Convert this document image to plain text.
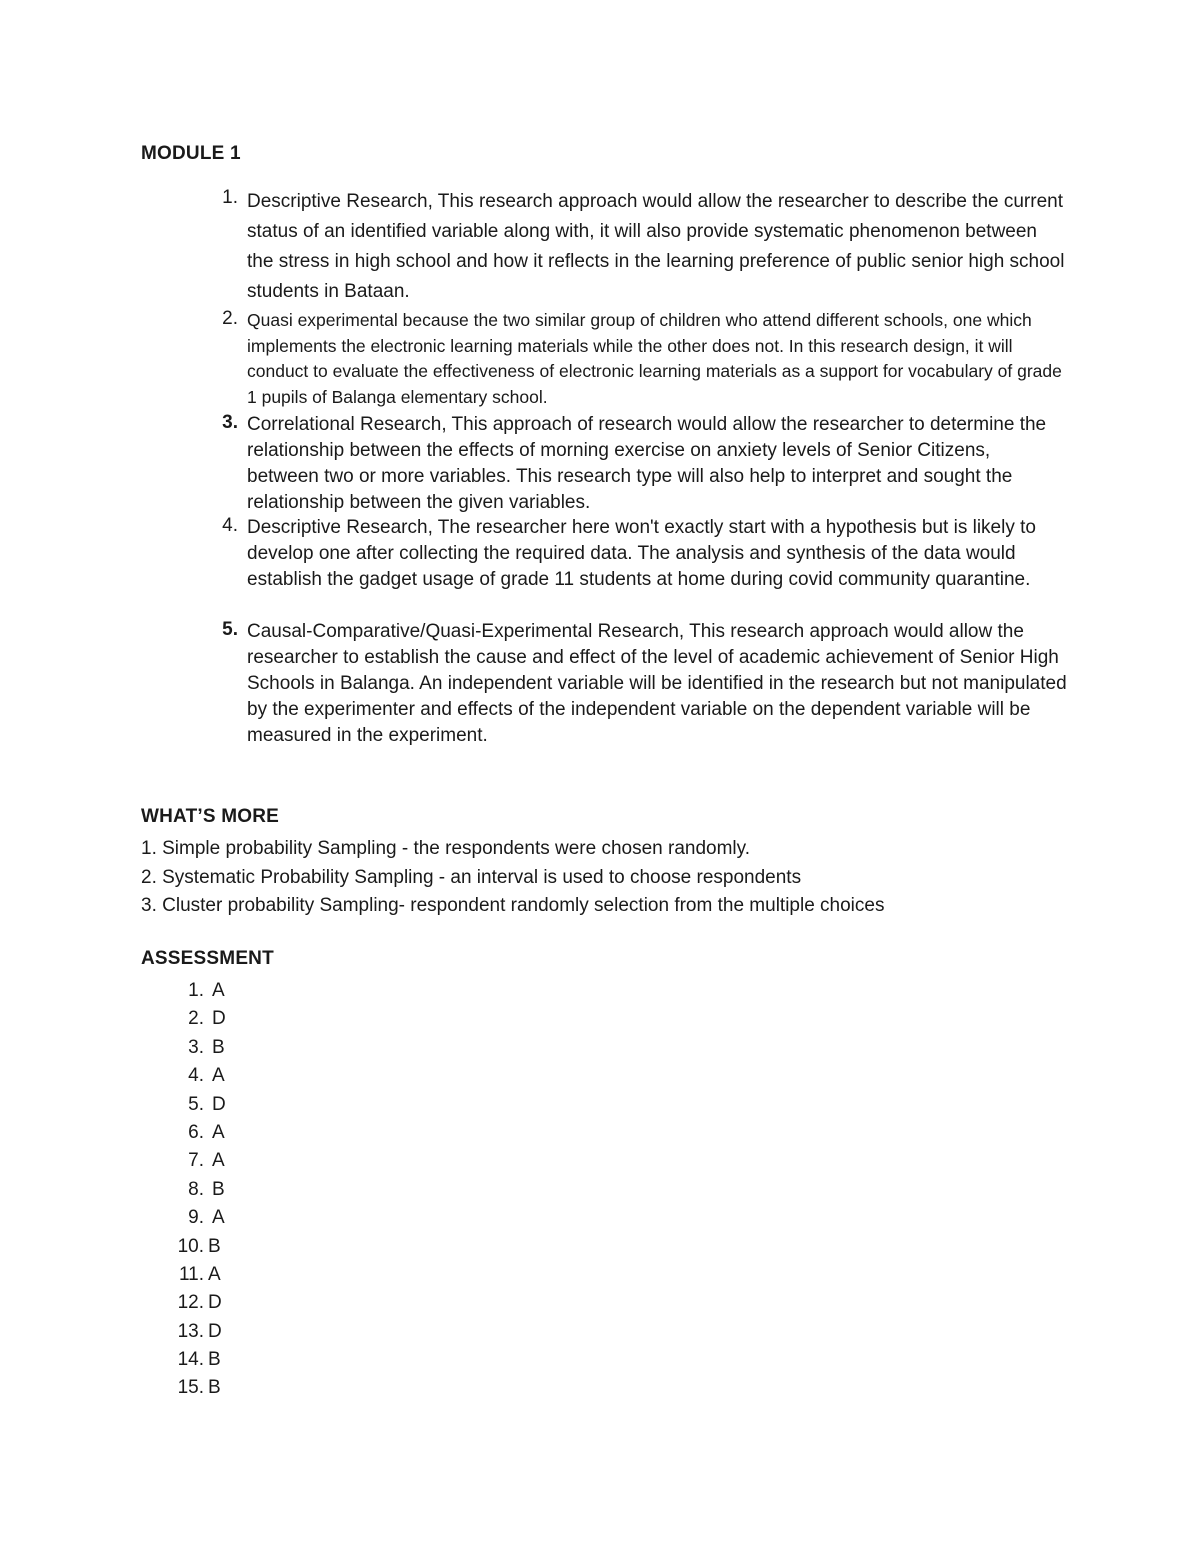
MODULE 1
1. Descriptive Research, This research approach would allow the researcher to describe the current status of an identified variable along with, it will also provide systematic phenomenon between the stress in high school and how it reflects in the learning preference of public senior high school students in Bataan.
2. Quasi experimental because the two similar group of children who attend different schools, one which implements the electronic learning materials while the other does not. In this research design, it will conduct to evaluate the effectiveness of electronic learning materials as a support for vocabulary of grade 1 pupils of Balanga elementary school.
3. Correlational Research, This approach of research would allow the researcher to determine the relationship between the effects of morning exercise on anxiety levels of Senior Citizens, between two or more variables. This research type will also help to interpret and sought the relationship between the given variables.
4. Descriptive Research, The researcher here won't exactly start with a hypothesis but is likely to develop one after collecting the required data. The analysis and synthesis of the data would establish the gadget usage of grade 11 students at home during covid community quarantine.
5. Causal-Comparative/Quasi-Experimental Research, This research approach would allow the researcher to establish the cause and effect of the level of academic achievement of Senior High Schools in Balanga. An independent variable will be identified in the research but not manipulated by the experimenter and effects of the independent variable on the dependent variable will be measured in the experiment.
WHAT’S MORE
1. Simple probability Sampling - the respondents were chosen randomly.
2. Systematic Probability Sampling - an interval is used to choose respondents
3. Cluster probability Sampling- respondent randomly selection from the multiple choices
ASSESSMENT
1. A
2. D
3. B
4. A
5. D
6. A
7. A
8. B
9. A
10. B
11. A
12. D
13. D
14. B
15. B
